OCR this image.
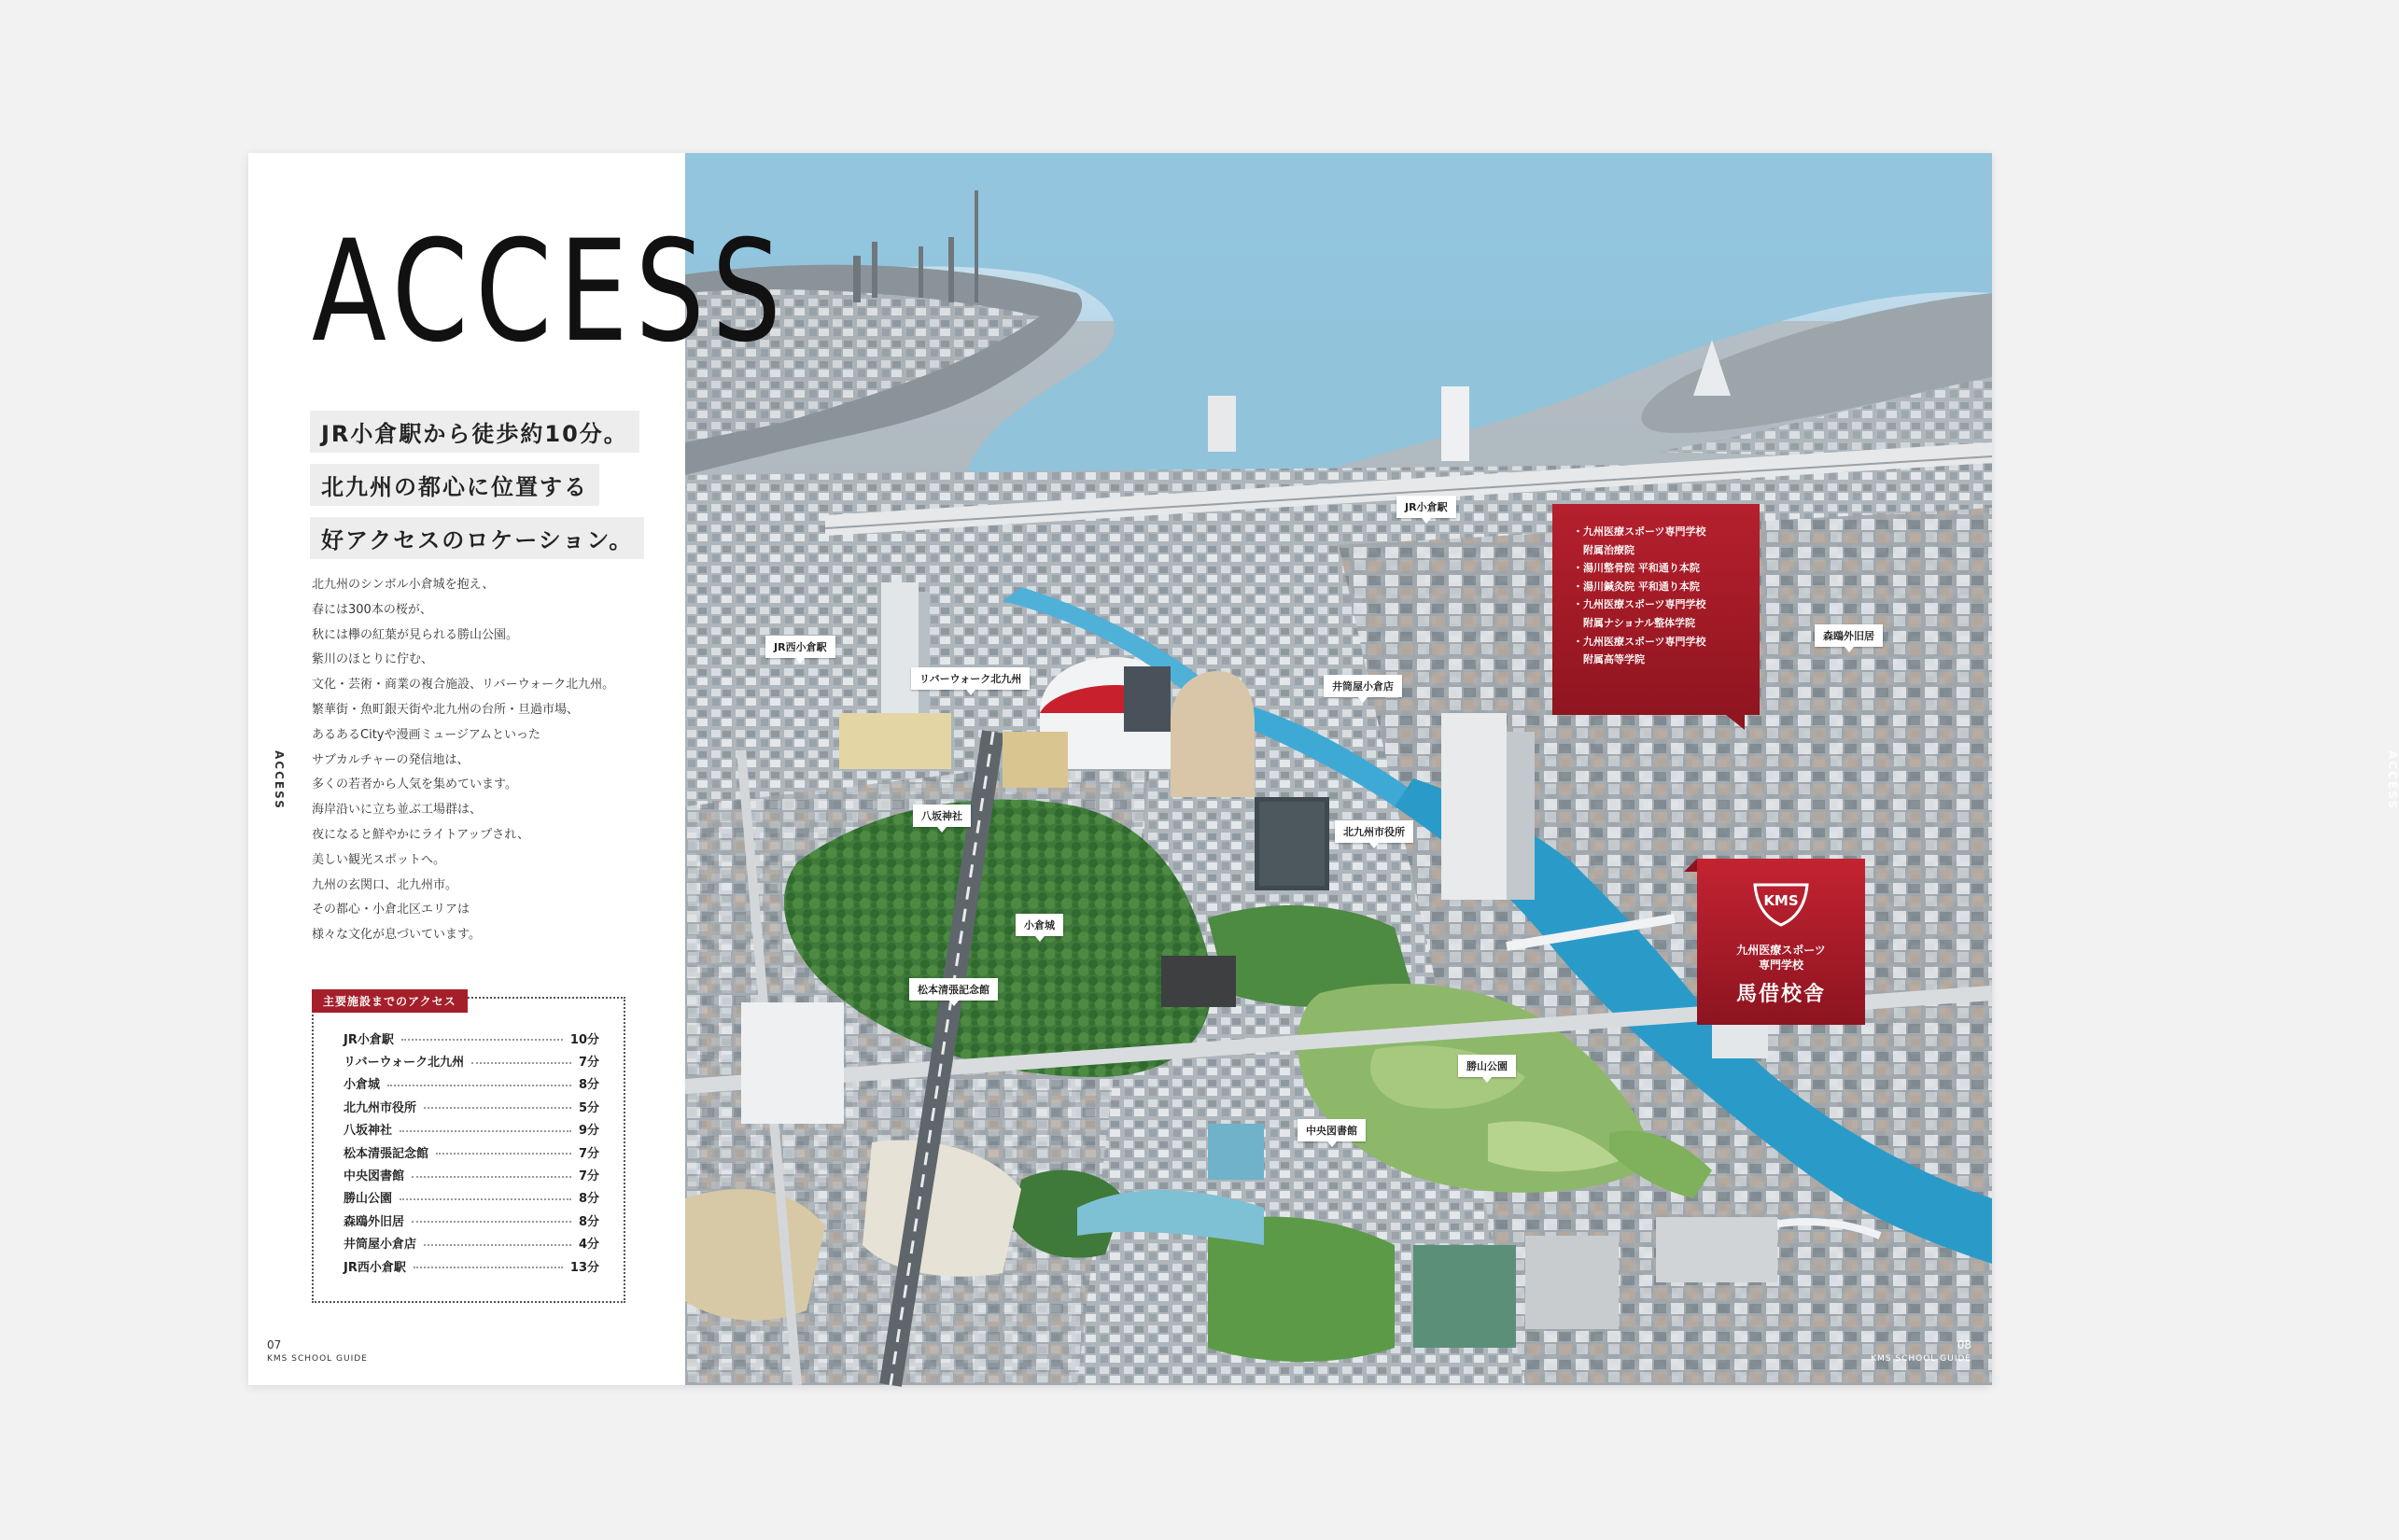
JR小倉駅から徒歩約10分。
北九州の都心に位置する
好アクセスのロケーション。
北九州のシンボル小倉城を抱え、
春には300本の桜が、
秋には欅の紅葉が見られる勝山公園。
紫川のほとりに佇む、
文化・芸術・商業の複合施設、リバーウォーク北九州。
繁華街・魚町銀天街や北九州の台所・旦過市場、
あるあるCityや漫画ミュージアムといった
サブカルチャーの発信地は、
多くの若者から人気を集めています。
海岸沿いに立ち並ぶ工場群は、
夜になると鮮やかにライトアップされ、
美しい観光スポットへ。
九州の玄関口、北九州市。
その都心・小倉北区エリアは
様々な文化が息づいています。
ACCESS
主要施設までのアクセス
JR小倉駅	10分
リバーウォーク北九州	7分
小倉城	8分
北九州市役所	5分
八坂神社	9分
松本清張記念館	7分
中央図書館	7分
勝山公園	8分
森鴎外旧居	8分
井筒屋小倉店	4分
JR西小倉駅	13分
07
KMS SCHOOL GUIDE
ACCESS
08
KMS SCHOOL GUIDE
JR小倉駅
JR西小倉駅
リバーウォーク北九州
井筒屋小倉店
森鴎外旧居
八坂神社
北九州市役所
小倉城
松本清張記念館
勝山公園
中央図書館
・九州医療スポーツ専門学校
　附属治療院
・湯川整骨院 平和通り本院
・湯川鍼灸院 平和通り本院
・九州医療スポーツ専門学校
　附属ナショナル整体学院
・九州医療スポーツ専門学校
　附属高等学院
KMS
九州医療スポーツ
専門学校
馬借校舎
ACCESS
